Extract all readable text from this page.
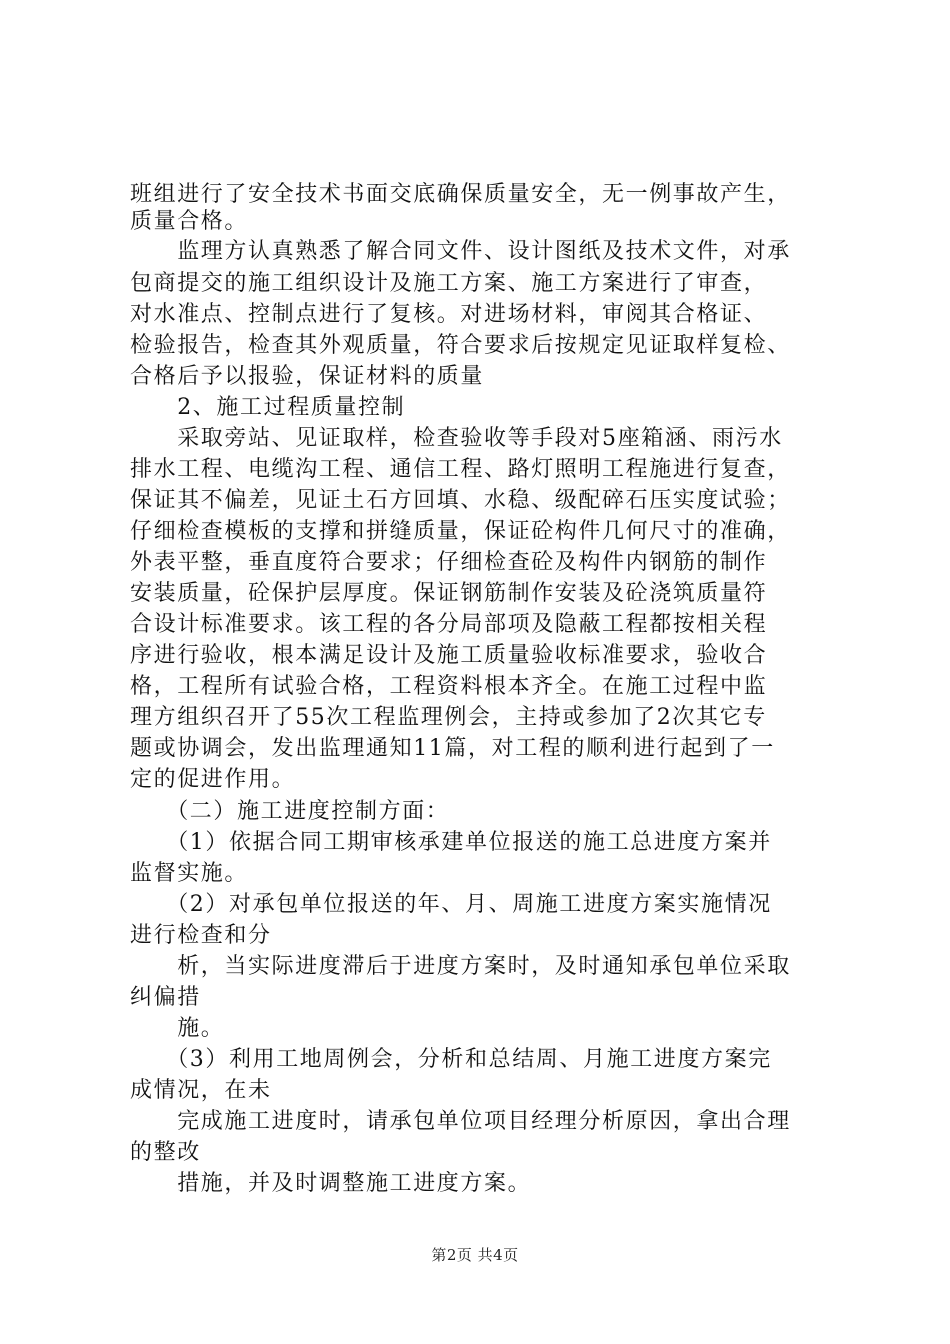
班组进行了安全技术书面交底确保质量安全，无一例事故产生，
质量合格。
　　监理方认真熟悉了解合同文件、设计图纸及技术文件，对承
包商提交的施工组织设计及施工方案、施工方案进行了审查，
对水准点、控制点进行了复核。对进场材料，审阅其合格证、
检验报告，检查其外观质量，符合要求后按规定见证取样复检、
合格后予以报验，保证材料的质量
　　2、施工过程质量控制
　　采取旁站、见证取样，检查验收等手段对5座箱涵、雨污水
排水工程、电缆沟工程、通信工程、路灯照明工程施进行复查，
保证其不偏差，见证土石方回填、水稳、级配碎石压实度试验；
仔细检查模板的支撑和拼缝质量，保证砼构件几何尺寸的准确，
外表平整，垂直度符合要求；仔细检查砼及构件内钢筋的制作
安装质量，砼保护层厚度。保证钢筋制作安装及砼浇筑质量符
合设计标准要求。该工程的各分局部项及隐蔽工程都按相关程
序进行验收，根本满足设计及施工质量验收标准要求，验收合
格，工程所有试验合格，工程资料根本齐全。在施工过程中监
理方组织召开了55次工程监理例会，主持或参加了2次其它专
题或协调会，发出监理通知11篇，对工程的顺利进行起到了一
定的促进作用。
　　（二）施工进度控制方面：
　　（1）依据合同工期审核承建单位报送的施工总进度方案并
监督实施。
　　（2）对承包单位报送的年、月、周施工进度方案实施情况
进行检查和分
　　析，当实际进度滞后于进度方案时，及时通知承包单位采取
纠偏措
　　施。
　　（3）利用工地周例会，分析和总结周、月施工进度方案完
成情况，在未
　　完成施工进度时，请承包单位项目经理分析原因，拿出合理
的整改
　　措施，并及时调整施工进度方案。
第2页 共4页
